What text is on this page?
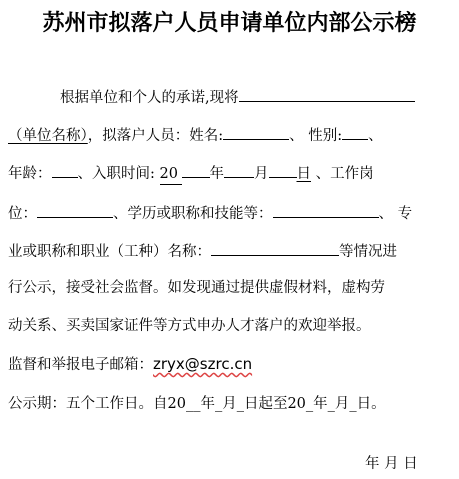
苏州市拟落户人员申请单位内部公示榜
根据单位和个人的承诺,现将
（单位名称），拟落户人员：姓名:	、 性别: 、
年龄： 、入职时间: 20 年 月 日 、工作岗
位：	、学历或职称和技能等：	、 专
业或职称和职业（工种）名称：	等情况进
行公示，接受社会监督。如发现通过提供虚假材料，虚构劳
动关系、买卖国家证件等方式申办人才落户的欢迎举报。
监督和举报电子邮箱：zryx@szrc.cn
公示期：五个工作日。自20__年_月_日起至20_年_月_日。
年 月 日
